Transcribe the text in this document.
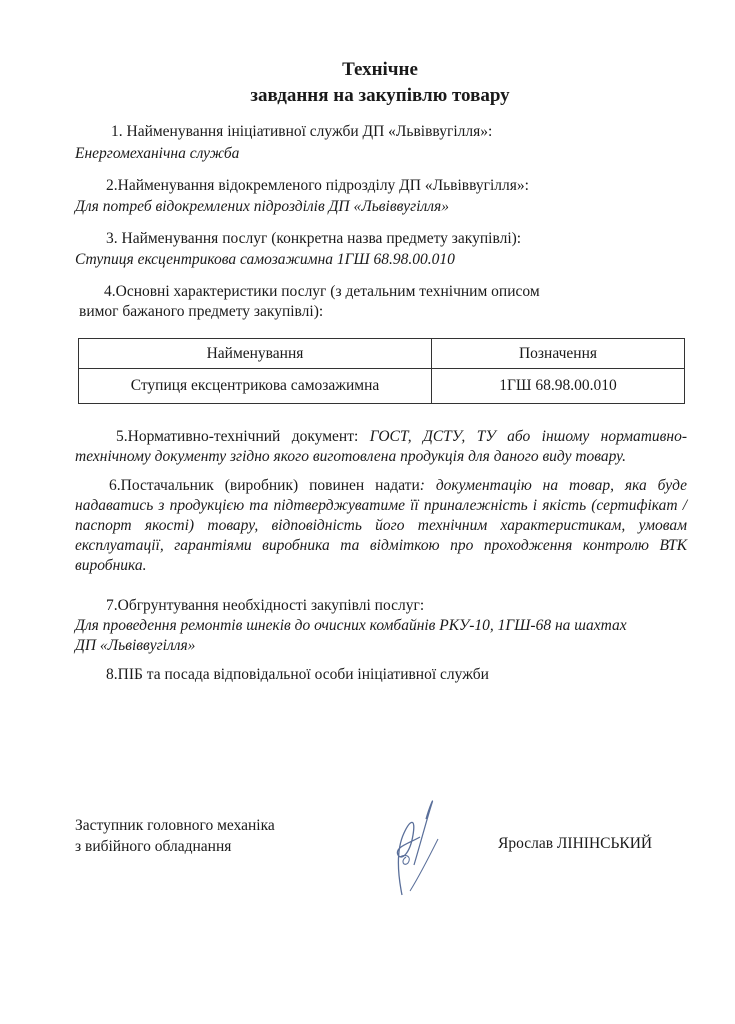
Технічне
завдання на закупівлю товару
1. Найменування ініціативної служби ДП «Львіввугілля»:
Енергомеханічна служба
2.Найменування відокремленого підрозділу ДП «Львіввугілля»:
Для потреб відокремлених підрозділів ДП «Львіввугілля»
3. Найменування послуг (конкретна назва предмету закупівлі):
Ступиця ексцентрикова самозажимна 1ГШ 68.98.00.010
4.Основні характеристики послуг (з детальним технічним описом
вимог бажаного предмету закупівлі):
Найменування	Позначення
Ступиця ексцентрикова самозажимна	1ГШ 68.98.00.010
5.Нормативно-технічний документ: ГОСТ, ДСТУ, ТУ або іншому нормативно-технічному документу згідно якого виготовлена продукція для даного виду товару.
6.Постачальник (виробник) повинен надати: документацію на товар, яка буде надаватись з продукцією та підтверджуватиме її приналежність і якість (сертифікат / паспорт якості) товару, відповідність його технічним характеристикам, умовам експлуатації, гарантіями виробника та відміткою про проходження контролю ВТК виробника.
7.Обгрунтування необхідності закупівлі послуг:
Для проведення ремонтів шнеків до очисних комбайнів РКУ-10, 1ГШ-68 на шахтах
ДП «Львіввугілля»
8.ПІБ та посада відповідальної особи ініціативної служби
Заступник головного механіка
з вибійного обладнання	Ярослав ЛІНІНСЬКИЙ
